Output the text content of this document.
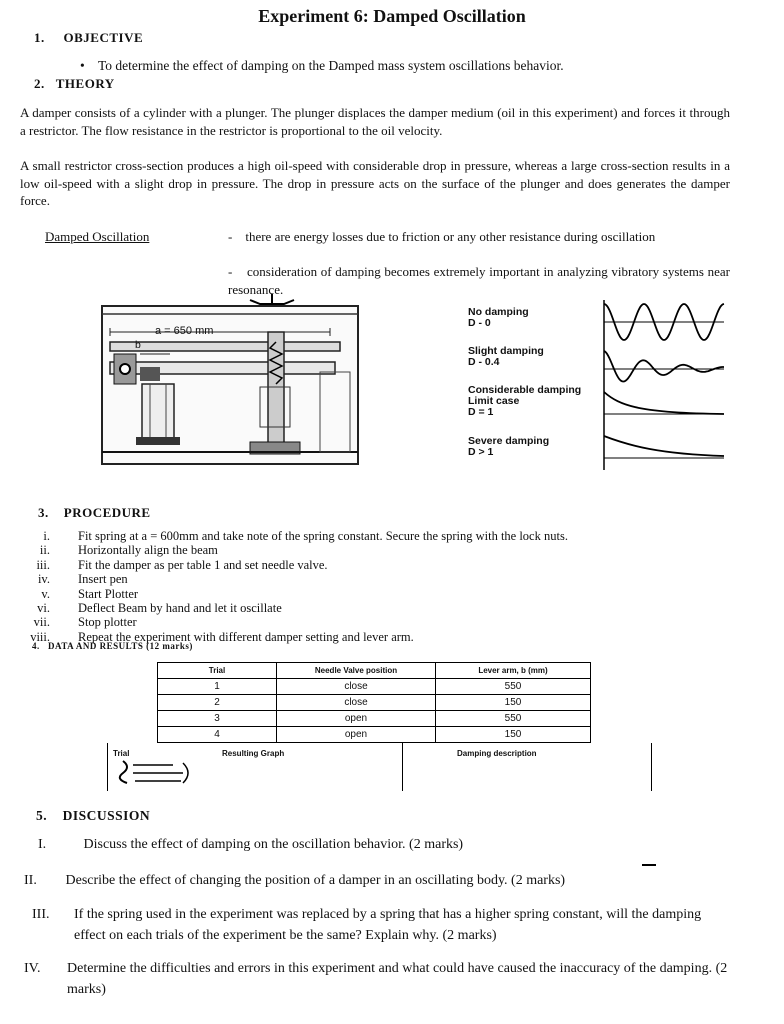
Experiment 6: Damped Oscillation
1. OBJECTIVE
• To determine the effect of damping on the Damped mass system oscillations behavior.
2. THEORY
A damper consists of a cylinder with a plunger. The plunger displaces the damper medium (oil in this experiment) and forces it through a restrictor. The flow resistance in the restrictor is proportional to the oil velocity.
A small restrictor cross-section produces a high oil-speed with considerable drop in pressure, whereas a large cross-section results in a low oil-speed with a slight drop in pressure. The drop in pressure acts on the surface of the plunger and does generates the damper force.
Damped Oscillation	-    there are energy losses due to friction or any other resistance during oscillation
-    consideration of damping becomes extremely important in analyzing vibratory systems near resonance.
a = 650 mm
b
No damping
D - 0
Slight damping
D - 0.4
Considerable damping Limit case
D = 1
Severe damping
D > 1
3. PROCEDURE
i. Fit spring at a = 600mm and take note of the spring constant. Secure the spring with the lock nuts.
ii. Horizontally align the beam
iii. Fit the damper as per table 1 and set needle valve.
iv. Insert pen
v. Start Plotter
vi. Deflect Beam by hand and let it oscillate
vii. Stop plotter
viii. Repeat the experiment with different damper setting and lever arm.
4. DATA AND RESULTS (12 marks)
Trial	Needle Valve position	Lever arm, b (mm)
1	close	550
2	close	150
3	open	550
4	open	150
Trial	Resulting Graph	Damping description
5. DISCUSSION
I.	Discuss the effect of damping on the oscillation behavior. (2 marks)
II. Describe the effect of changing the position of a damper in an oscillating body. (2 marks)
III. If the spring used in the experiment was replaced by a spring that has a higher spring constant, will the damping effect on each trials of the experiment be the same? Explain why. (2 marks)
IV. Determine the difficulties and errors in this experiment and what could have caused the inaccuracy of the damping. (2 marks)
